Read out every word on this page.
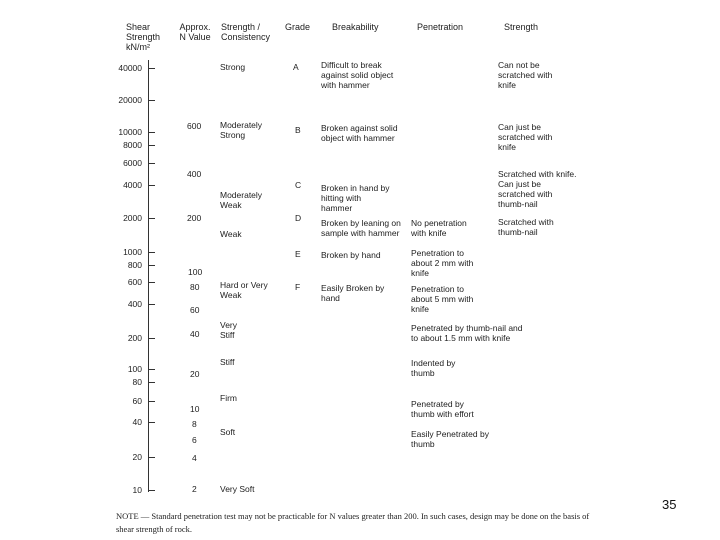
Shear Strength kN/m²
Approx. N Value
Strength / Consistency
Grade Breakability	Penetration	Strength
40000
20000
10000
8000
6000
4000
2000
1000
800
600
400
200
100
80
60
40
20
10
600
400
200
100
80
60
40
20
10
8
6
4
2
Strong
Moderately Strong
Moderately Weak
Weak
Hard or Very Weak
Very Stiff
Stiff
Firm
Soft
Very Soft
A
B
C
D
E
F
Difficult to break against solid object with hammer
Broken against solid object with hammer
Broken in hand by hitting with hammer
Broken by leaning on sample with hammer
Broken by hand
Easily Broken by hand
No penetration with knife
Penetration to about 2 mm with knife
Penetration to about 5 mm with knife
Penetrated by thumb-nail and to about 1.5 mm with knife
Indented by thumb
Penetrated by thumb with effort
Easily Penetrated by thumb
Can not be scratched with knife
Can just be scratched with knife
Scratched with knife. Can just be scratched with thumb-nail
Scratched with thumb-nail
NOTE — Standard penetration test may not be practicable for N values greater than 200. In such cases, design may be done on the basis of shear strength of rock.
35
